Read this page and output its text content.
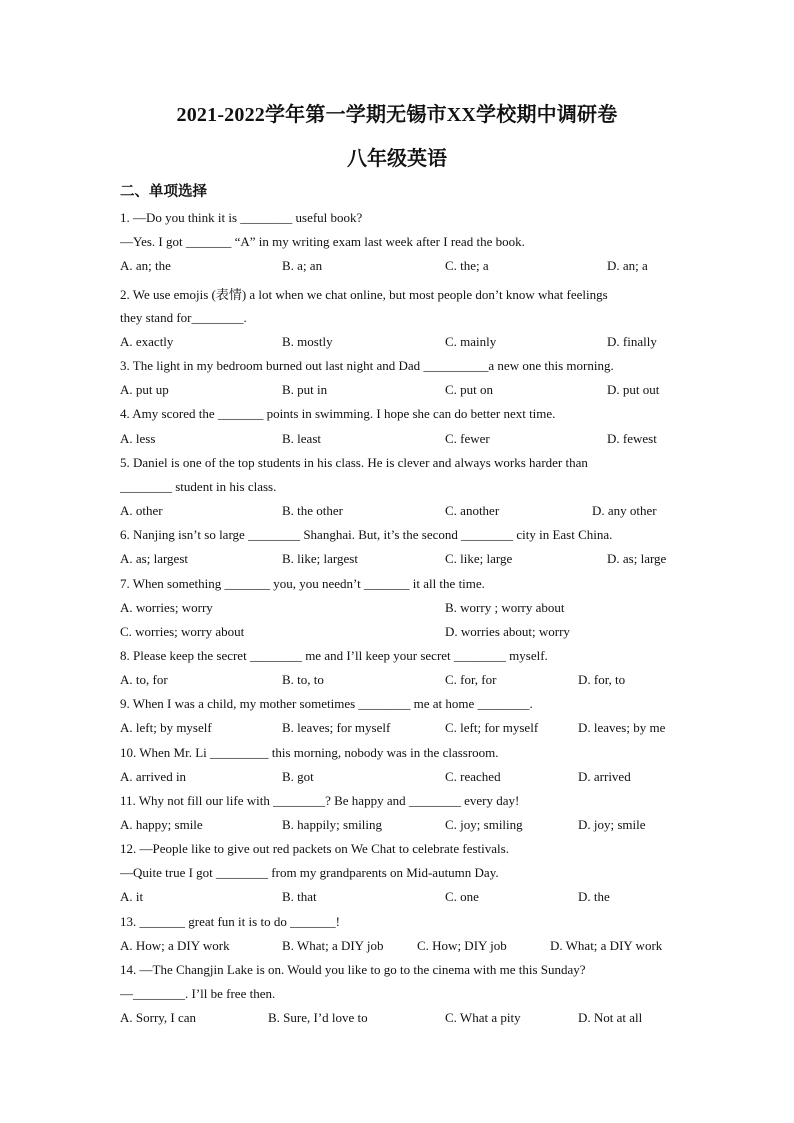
2021-2022学年第一学期无锡市XX学校期中调研卷
八年级英语
二、单项选择
1. —Do you think it is ________ useful book?
—Yes. I got _______ “A” in my writing exam last week after I read the book.
A. an; the	B. a; an	C. the; a	D. an; a
2. We use emojis (表情) a lot when we chat online, but most people don’t know what feelings
they stand for________.
A. exactly	B. mostly	C. mainly	D. finally
3. The light in my bedroom burned out last night and Dad __________a new one this morning.
A. put up	B. put in	C. put on	D. put out
4. Amy scored the _______ points in swimming. I hope she can do better next time.
A. less	B. least	C. fewer	D. fewest
5. Daniel is one of the top students in his class. He is clever and always works harder than
________ student in his class.
A. other	B. the other	C. another	D. any other
6. Nanjing isn’t so large ________ Shanghai. But, it’s the second ________ city in East China.
A. as; largest	B. like; largest	C. like; large	D. as; large
7. When something _______ you, you needn’t _______ it all the time.
A. worries; worry	B. worry ; worry about
C. worries; worry about	D. worries about; worry
8. Please keep the secret ________ me and I’ll keep your secret ________ myself.
A. to, for	B. to, to	C. for, for	D. for, to
9. When I was a child, my mother sometimes ________ me at home ________.
A. left; by myself	B. leaves; for myself	C. left; for myself	D. leaves; by me
10. When Mr. Li _________ this morning, nobody was in the classroom.
A. arrived in	B. got	C. reached	D. arrived
11. Why not fill our life with ________? Be happy and ________ every day!
A. happy; smile	B. happily; smiling	C. joy; smiling	D. joy; smile
12. —People like to give out red packets on We Chat to celebrate festivals.
—Quite true I got ________ from my grandparents on Mid-autumn Day.
A. it	B. that	C. one	D. the
13. _______ great fun it is to do _______!
A. How; a DIY work	B. What; a DIY job	C. How; DIY job	D. What; a DIY work
14. —The Changjin Lake is on. Would you like to go to the cinema with me this Sunday?
—________. I’ll be free then.
A. Sorry, I can	B. Sure, I’d love to	C. What a pity	D. Not at all
